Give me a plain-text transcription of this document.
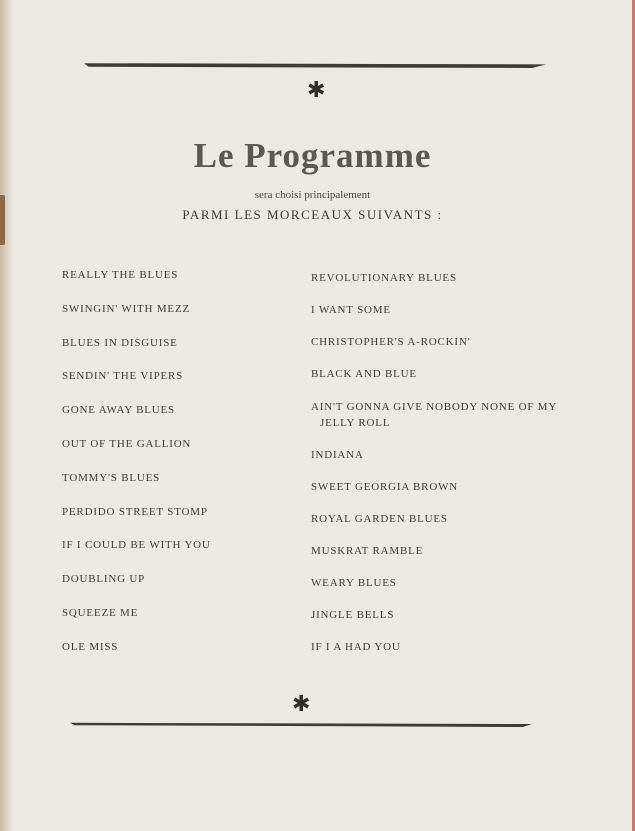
✱
Le Programme
sera choisi principalement
PARMI LES MORCEAUX SUIVANTS :
REALLY THE BLUES
SWINGIN' WITH MEZZ
BLUES IN DISGUISE
SENDIN' THE VIPERS
GONE AWAY BLUES
OUT OF THE GALLION
TOMMY'S BLUES
PERDIDO STREET STOMP
IF I COULD BE WITH YOU
DOUBLING UP
SQUEEZE ME
OLE MISS
REVOLUTIONARY BLUES
I WANT SOME
CHRISTOPHER'S A-ROCKIN'
BLACK AND BLUE
AIN'T GONNA GIVE NOBODY NONE OF MY
JELLY ROLL
INDIANA
SWEET GEORGIA BROWN
ROYAL GARDEN BLUES
MUSKRAT RAMBLE
WEARY BLUES
JINGLE BELLS
IF I A HAD YOU
✱
